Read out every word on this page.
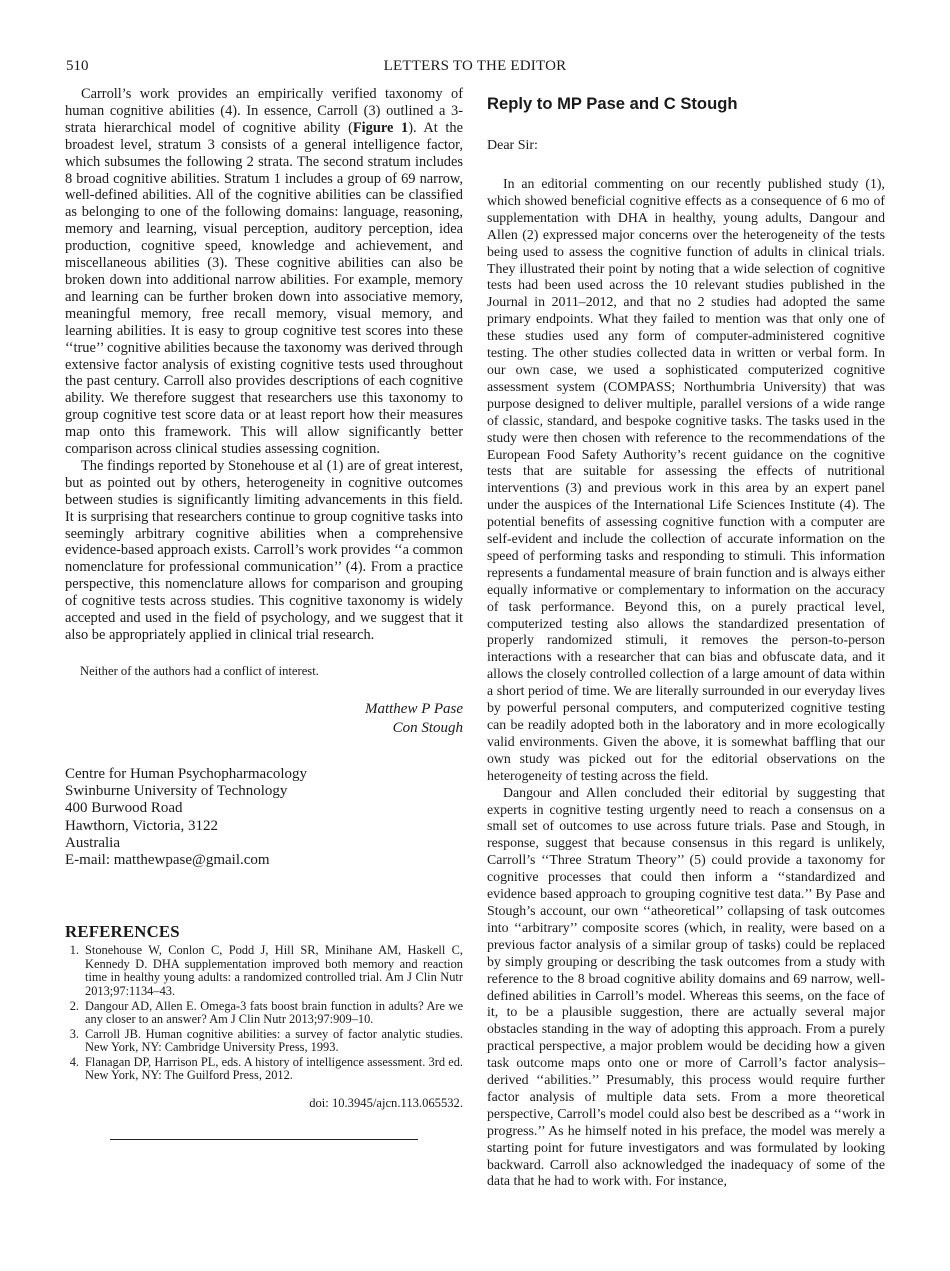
510	LETTERS TO THE EDITOR

Carroll’s work provides an empirically verified taxonomy of human cognitive abilities (4). In essence, Carroll (3) outlined a 3-strata hierarchical model of cognitive ability (Figure 1). At the broadest level, stratum 3 consists of a general intelligence factor, which subsumes the following 2 strata. The second stratum includes 8 broad cognitive abilities. Stratum 1 includes a group of 69 narrow, well-defined abilities. All of the cognitive abilities can be classified as belonging to one of the following domains: language, reasoning, memory and learning, visual perception, auditory perception, idea production, cognitive speed, knowledge and achievement, and miscellaneous abilities (3). These cognitive abilities can also be broken down into additional narrow abilities. For example, memory and learning can be further broken down into associative memory, meaningful memory, free recall memory, visual memory, and learning abilities. It is easy to group cognitive test scores into these ‘‘true’’ cognitive abilities because the taxonomy was derived through extensive factor analysis of existing cognitive tests used throughout the past century. Carroll also provides descriptions of each cognitive ability. We therefore suggest that researchers use this taxonomy to group cognitive test score data or at least report how their measures map onto this framework. This will allow significantly better comparison across clinical studies assessing cognition.

The findings reported by Stonehouse et al (1) are of great interest, but as pointed out by others, heterogeneity in cognitive outcomes between studies is significantly limiting advancements in this field. It is surprising that researchers continue to group cognitive tasks into seemingly arbitrary cognitive abilities when a comprehensive evidence-based approach exists. Carroll’s work provides ‘‘a common nomenclature for professional communication’’ (4). From a practice perspective, this nomenclature allows for comparison and grouping of cognitive tests across studies. This cognitive taxonomy is widely accepted and used in the field of psychology, and we suggest that it also be appropriately applied in clinical trial research.

Neither of the authors had a conflict of interest.
Matthew P Pase
Con Stough
Centre for Human Psychopharmacology
Swinburne University of Technology
400 Burwood Road
Hawthorn, Victoria, 3122
Australia
E-mail: matthewpase@gmail.com
REFERENCES
1. Stonehouse W, Conlon C, Podd J, Hill SR, Minihane AM, Haskell C, Kennedy D. DHA supplementation improved both memory and reaction time in healthy young adults: a randomized controlled trial. Am J Clin Nutr 2013;97:1134–43.
2. Dangour AD, Allen E. Omega-3 fats boost brain function in adults? Are we any closer to an answer? Am J Clin Nutr 2013;97:909–10.
3. Carroll JB. Human cognitive abilities: a survey of factor analytic studies. New York, NY: Cambridge University Press, 1993.
4. Flanagan DP, Harrison PL, eds. A history of intelligence assessment. 3rd ed. New York, NY: The Guilford Press, 2012.
doi: 10.3945/ajcn.113.065532.
Reply to MP Pase and C Stough
Dear Sir:

In an editorial commenting on our recently published study (1), which showed beneficial cognitive effects as a consequence of 6 mo of supplementation with DHA in healthy, young adults, Dangour and Allen (2) expressed major concerns over the heterogeneity of the tests being used to assess the cognitive function of adults in clinical trials. They illustrated their point by noting that a wide selection of cognitive tests had been used across the 10 relevant studies published in the Journal in 2011–2012, and that no 2 studies had adopted the same primary endpoints. What they failed to mention was that only one of these studies used any form of computer-administered cognitive testing. The other studies collected data in written or verbal form. In our own case, we used a sophisticated computerized cognitive assessment system (COMPASS; Northumbria University) that was purpose designed to deliver multiple, parallel versions of a wide range of classic, standard, and bespoke cognitive tasks. The tasks used in the study were then chosen with reference to the recommendations of the European Food Safety Authority’s recent guidance on the cognitive tests that are suitable for assessing the effects of nutritional interventions (3) and previous work in this area by an expert panel under the auspices of the International Life Sciences Institute (4). The potential benefits of assessing cognitive function with a computer are self-evident and include the collection of accurate information on the speed of performing tasks and responding to stimuli. This information represents a fundamental measure of brain function and is always either equally informative or complementary to information on the accuracy of task performance. Beyond this, on a purely practical level, computerized testing also allows the standardized presentation of properly randomized stimuli, it removes the person-to-person interactions with a researcher that can bias and obfuscate data, and it allows the closely controlled collection of a large amount of data within a short period of time. We are literally surrounded in our everyday lives by powerful personal computers, and computerized cognitive testing can be readily adopted both in the laboratory and in more ecologically valid environments. Given the above, it is somewhat baffling that our own study was picked out for the editorial observations on the heterogeneity of testing across the field.

Dangour and Allen concluded their editorial by suggesting that experts in cognitive testing urgently need to reach a consensus on a small set of outcomes to use across future trials. Pase and Stough, in response, suggest that because consensus in this regard is unlikely, Carroll’s ‘‘Three Stratum Theory’’ (5) could provide a taxonomy for cognitive processes that could then inform a ‘‘standardized and evidence based approach to grouping cognitive test data.’’ By Pase and Stough’s account, our own ‘‘atheoretical’’ collapsing of task outcomes into ‘‘arbitrary’’ composite scores (which, in reality, were based on a previous factor analysis of a similar group of tasks) could be replaced by simply grouping or describing the task outcomes from a study with reference to the 8 broad cognitive ability domains and 69 narrow, well-defined abilities in Carroll’s model. Whereas this seems, on the face of it, to be a plausible suggestion, there are actually several major obstacles standing in the way of adopting this approach. From a purely practical perspective, a major problem would be deciding how a given task outcome maps onto one or more of Carroll’s factor analysis–derived ‘‘abilities.’’ Presumably, this process would require further factor analysis of multiple data sets. From a more theoretical perspective, Carroll’s model could also best be described as a ‘‘work in progress.’’ As he himself noted in his preface, the model was merely a starting point for future investigators and was formulated by looking backward. Carroll also acknowledged the inadequacy of some of the data that he had to work with. For instance,
